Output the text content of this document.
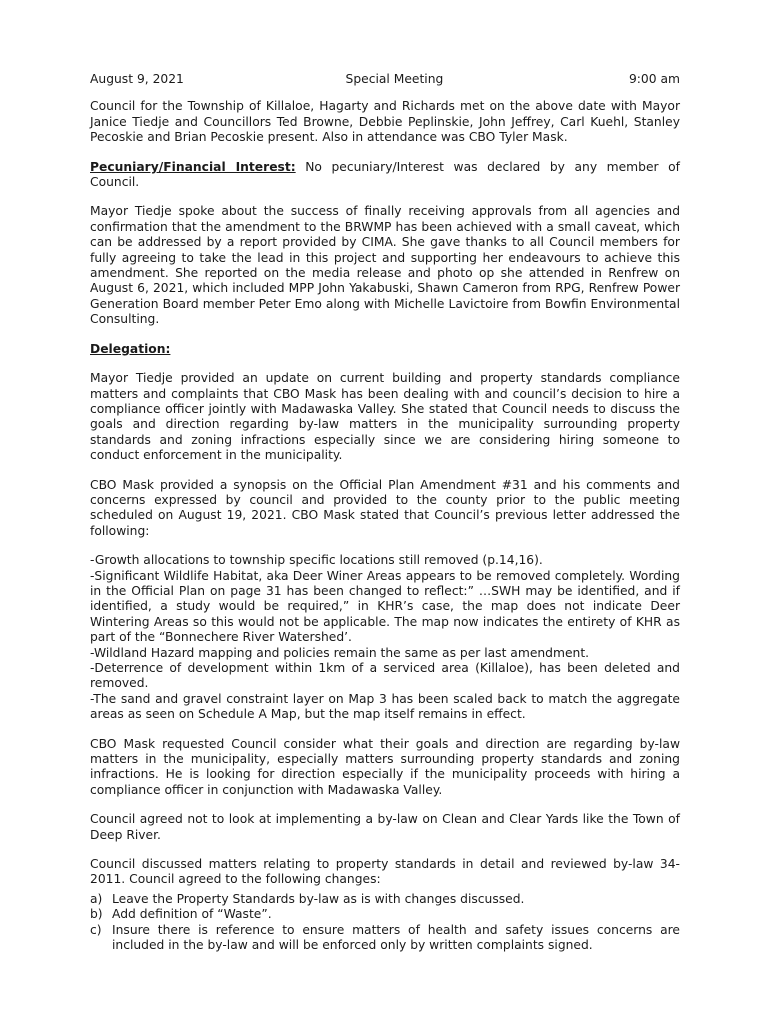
August 9, 2021	Special Meeting	9:00 am

Council for the Township of Killaloe, Hagarty and Richards met on the above date with Mayor Janice Tiedje and Councillors Ted Browne, Debbie Peplinskie, John Jeffrey, Carl Kuehl, Stanley Pecoskie and Brian Pecoskie present. Also in attendance was CBO Tyler Mask.

Pecuniary/Financial Interest: No pecuniary/Interest was declared by any member of Council.

Mayor Tiedje spoke about the success of finally receiving approvals from all agencies and confirmation that the amendment to the BRWMP has been achieved with a small caveat, which can be addressed by a report provided by CIMA. She gave thanks to all Council members for fully agreeing to take the lead in this project and supporting her endeavours to achieve this amendment. She reported on the media release and photo op she attended in Renfrew on August 6, 2021, which included MPP John Yakabuski, Shawn Cameron from RPG, Renfrew Power Generation Board member Peter Emo along with Michelle Lavictoire from Bowfin Environmental Consulting.

Delegation:

Mayor Tiedje provided an update on current building and property standards compliance matters and complaints that CBO Mask has been dealing with and council’s decision to hire a compliance officer jointly with Madawaska Valley. She stated that Council needs to discuss the goals and direction regarding by-law matters in the municipality surrounding property standards and zoning infractions especially since we are considering hiring someone to conduct enforcement in the municipality.

CBO Mask provided a synopsis on the Official Plan Amendment #31 and his comments and concerns expressed by council and provided to the county prior to the public meeting scheduled on August 19, 2021. CBO Mask stated that Council’s previous letter addressed the following:

-Growth allocations to township specific locations still removed (p.14,16).
-Significant Wildlife Habitat, aka Deer Winer Areas appears to be removed completely. Wording in the Official Plan on page 31 has been changed to reflect:” …SWH may be identified, and if identified, a study would be required,” in KHR’s case, the map does not indicate Deer Wintering Areas so this would not be applicable. The map now indicates the entirety of KHR as part of the “Bonnechere River Watershed’.
-Wildland Hazard mapping and policies remain the same as per last amendment.
-Deterrence of development within 1km of a serviced area (Killaloe), has been deleted and removed.
-The sand and gravel constraint layer on Map 3 has been scaled back to match the aggregate areas as seen on Schedule A Map, but the map itself remains in effect.

CBO Mask requested Council consider what their goals and direction are regarding by-law matters in the municipality, especially matters surrounding property standards and zoning infractions. He is looking for direction especially if the municipality proceeds with hiring a compliance officer in conjunction with Madawaska Valley.

Council agreed not to look at implementing a by-law on Clean and Clear Yards like the Town of Deep River.

Council discussed matters relating to property standards in detail and reviewed by-law 34-2011. Council agreed to the following changes:

a) Leave the Property Standards by-law as is with changes discussed.
b) Add definition of “Waste”.
c) Insure there is reference to ensure matters of health and safety issues concerns are included in the by-law and will be enforced only by written complaints signed.
